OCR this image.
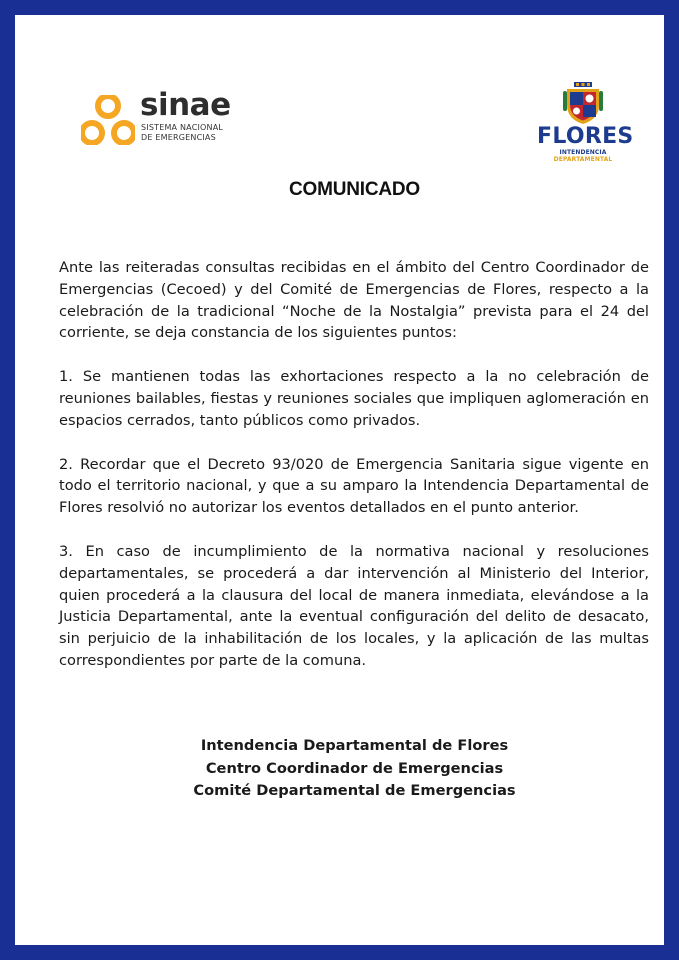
sinae
SISTEMA NACIONAL
DE EMERGENCIAS	FLORES
INTENDENCIA DEPARTAMENTAL
COMUNICADO

Ante las reiteradas consultas recibidas en el ámbito del Centro Coordinador de Emergencias (Cecoed) y del Comité de Emergencias de Flores, respecto a la celebración de la tradicional “Noche de la Nostalgia” prevista para el 24 del corriente, se deja constancia de los siguientes puntos:

1. Se mantienen todas las exhortaciones respecto a la no celebración de reuniones bailables, fiestas y reuniones sociales que impliquen aglomeración en espacios cerrados, tanto públicos como privados.

2. Recordar que el Decreto 93/020 de Emergencia Sanitaria sigue vigente en todo el territorio nacional, y que a su amparo la Intendencia Departamental de Flores resolvió no autorizar los eventos detallados en el punto anterior.

3. En caso de incumplimiento de la normativa nacional y resoluciones departamentales, se procederá a dar intervención al Ministerio del Interior, quien procederá a la clausura del local de manera inmediata, elevándose a la Justicia Departamental, ante la eventual configuración del delito de desacato, sin perjuicio de la inhabilitación de los locales, y la aplicación de las multas correspondientes por parte de la comuna.

Intendencia Departamental de Flores
Centro Coordinador de Emergencias
Comité Departamental de Emergencias
